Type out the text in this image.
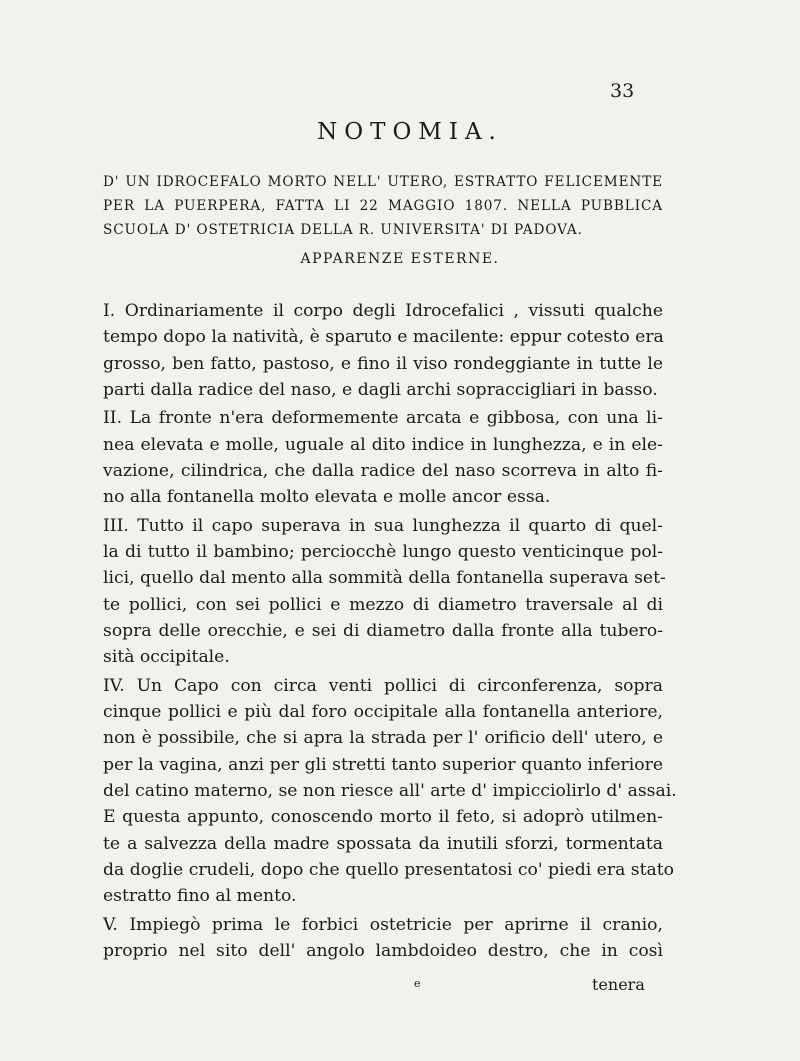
33
NOTOMIA.
D' UN IDROCEFALO MORTO NELL' UTERO, ESTRATTO FELICEMENTE
PER LA PUERPERA, FATTA LI 22 MAGGIO 1807. NELLA PUBBLICA
SCUOLA D' OSTETRICIA DELLA R. UNIVERSITA' DI PADOVA.
APPARENZE ESTERNE.
I. Ordinariamente il corpo degli Idrocefalici , vissuti qualche
tempo dopo la natività, è sparuto e macilente: eppur cotesto era
grosso, ben fatto, pastoso, e fino il viso rondeggiante in tutte le
parti dalla radice del naso, e dagli archi sopraccigliari in basso.
II. La fronte n'era deformemente arcata e gibbosa, con una li-
nea elevata e molle, uguale al dito indice in lunghezza, e in ele-
vazione, cilindrica, che dalla radice del naso scorreva in alto fi-
no alla fontanella molto elevata e molle ancor essa.
III. Tutto il capo superava in sua lunghezza il quarto di quel-
la di tutto il bambino; perciocchè lungo questo venticinque pol-
lici, quello dal mento alla sommità della fontanella superava set-
te pollici, con sei pollici e mezzo di diametro traversale al di
sopra delle orecchie, e sei di diametro dalla fronte alla tubero-
sità occipitale.
IV. Un Capo con circa venti pollici di circonferenza, sopra
cinque pollici e più dal foro occipitale alla fontanella anteriore,
non è possibile, che si apra la strada per l' orificio dell' utero, e
per la vagina, anzi per gli stretti tanto superior quanto inferiore
del catino materno, se non riesce all' arte d' impicciolirlo d' assai.
E questa appunto, conoscendo morto il feto, si adoprò utilmen-
te a salvezza della madre spossata da inutili sforzi, tormentata
da doglie crudeli, dopo che quello presentatosi co' piedi era stato
estratto fino al mento.
V. Impiegò prima le forbici ostetricie per aprirne il cranio,
proprio nel sito dell' angolo lambdoideo destro, che in così
e	tenera
